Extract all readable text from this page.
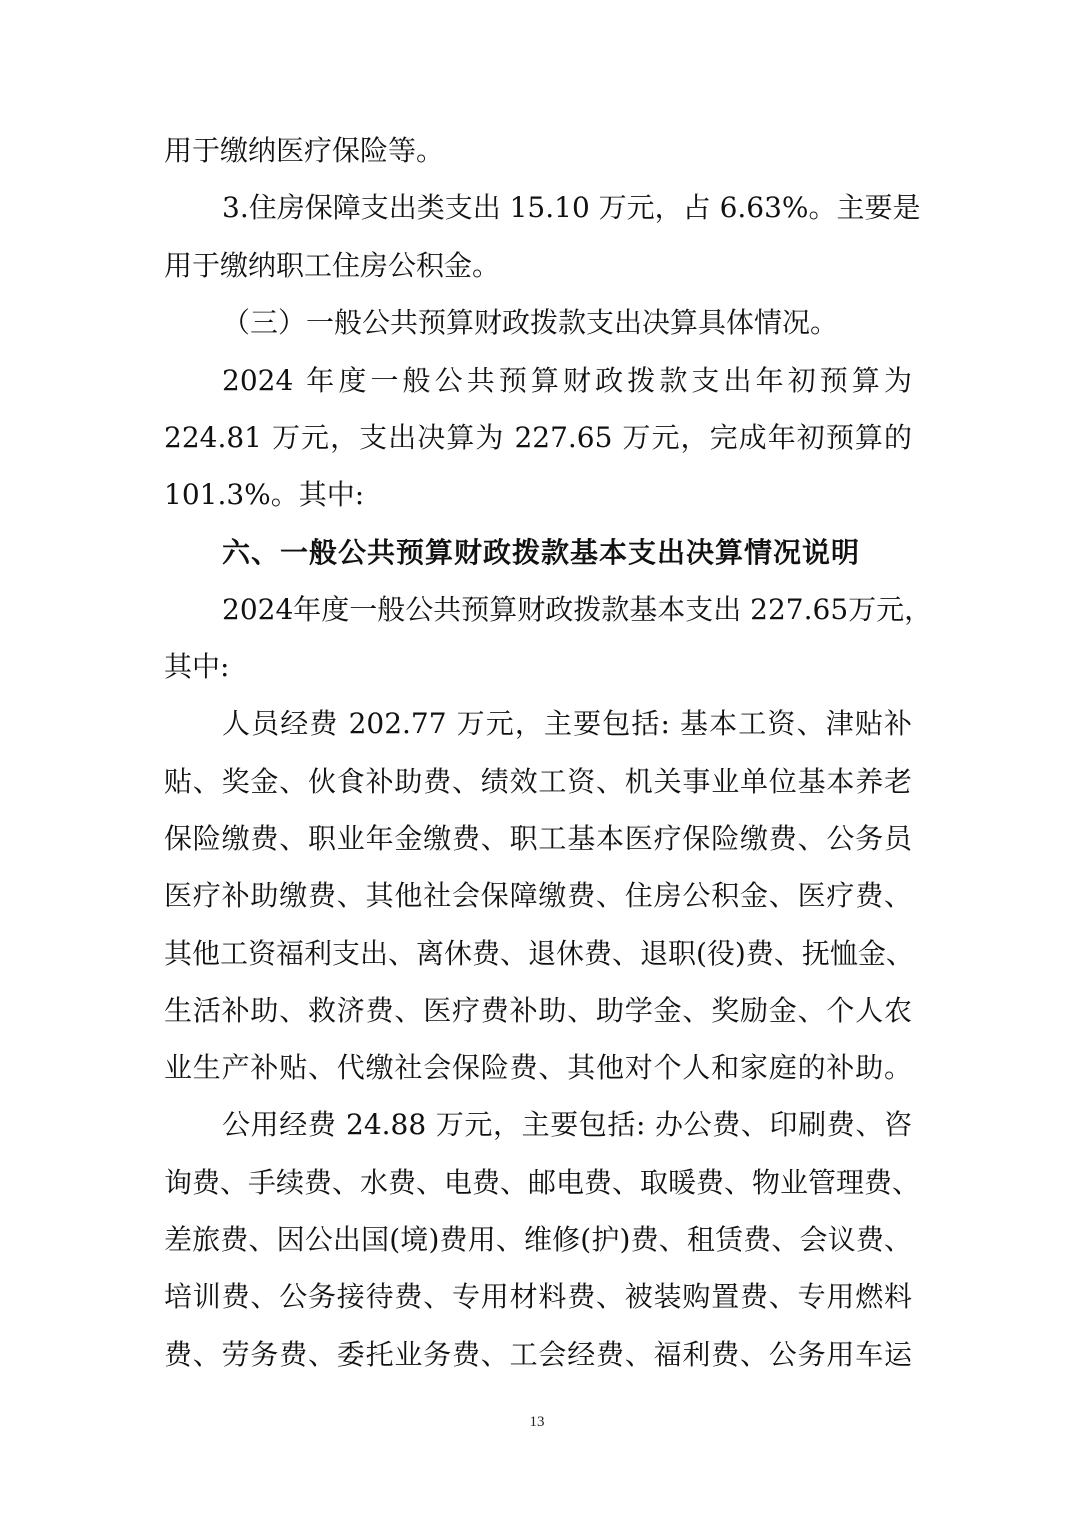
用于缴纳医疗保险等。
3.住房保障支出类支出 15.10 万元，占 6.63%。主要是
用于缴纳职工住房公积金。
（三）一般公共预算财政拨款支出决算具体情况。
2024 年度一般公共预算财政拨款支出年初预算为
224.81 万元，支出决算为 227.65 万元，完成年初预算的
101.3%。其中:
六、一般公共预算财政拨款基本支出决算情况说明
2024年度一般公共预算财政拨款基本支出 227.65万元，
其中:
人员经费 202.77 万元，主要包括: 基本工资、津贴补
贴、奖金、伙食补助费、绩效工资、机关事业单位基本养老
保险缴费、职业年金缴费、职工基本医疗保险缴费、公务员
医疗补助缴费、其他社会保障缴费、住房公积金、医疗费、
其他工资福利支出、离休费、退休费、退职(役)费、抚恤金、
生活补助、救济费、医疗费补助、助学金、奖励金、个人农
业生产补贴、代缴社会保险费、其他对个人和家庭的补助。
公用经费 24.88 万元，主要包括: 办公费、印刷费、咨
询费、手续费、水费、电费、邮电费、取暖费、物业管理费、
差旅费、因公出国(境)费用、维修(护)费、租赁费、会议费、
培训费、公务接待费、专用材料费、被装购置费、专用燃料
费、劳务费、委托业务费、工会经费、福利费、公务用车运
13
